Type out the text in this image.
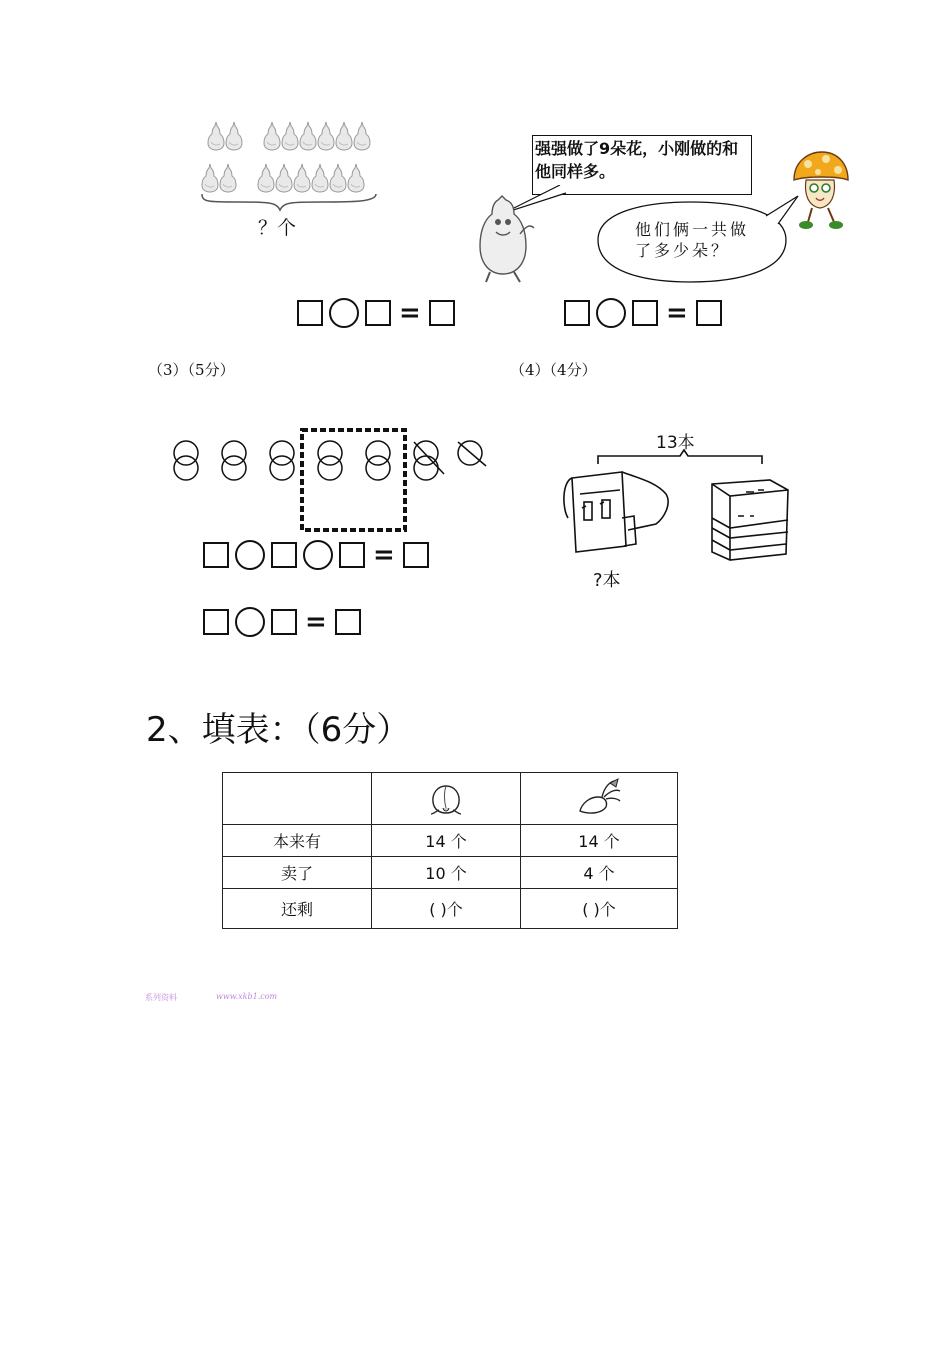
？个
=
强强做了9朵花，小刚做的和他同样多。
他们俩一共做了多少朵？
=
（3）（5分）	（4）（4分）
=
=
13本
?本
2、填表：（6分）

本来有	14 个	14 个
卖了	10 个	4 个
还剩	( )个	( )个
系列资料	www.xkb1.com
